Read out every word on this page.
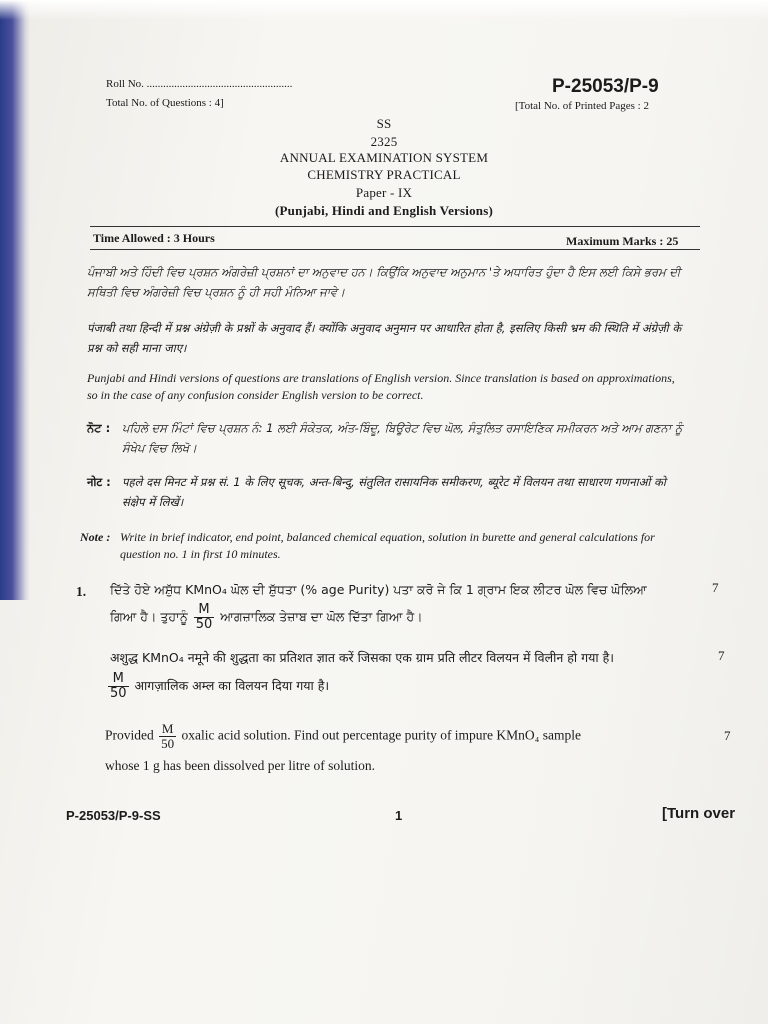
Roll No. .....................................................
Total No. of Questions : 4]
P-25053/P-9
[Total No. of Printed Pages : 2
SS
2325
ANNUAL EXAMINATION SYSTEM
CHEMISTRY PRACTICAL
Paper - IX
(Punjabi, Hindi and English Versions)
Time Allowed : 3 Hours	Maximum Marks : 25
ਪੰਜਾਬੀ ਅਤੇ ਹਿੰਦੀ ਵਿਚ ਪ੍ਰਸ਼ਨ ਅੰਗਰੇਜ਼ੀ ਪ੍ਰਸ਼ਨਾਂ ਦਾ ਅਨੁਵਾਦ ਹਨ। ਕਿਉਂਕਿ ਅਨੁਵਾਦ ਅਨੁਮਾਨ 'ਤੇ ਅਧਾਰਿਤ ਹੁੰਦਾ ਹੈ ਇਸ ਲਈ ਕਿਸੇ ਭਰਮ ਦੀ ਸਥਿਤੀ ਵਿਚ ਅੰਗਰੇਜ਼ੀ ਵਿਚ ਪ੍ਰਸ਼ਨ ਨੂੰ ਹੀ ਸਹੀ ਮੰਨਿਆ ਜਾਵੇ।
पंजाबी तथा हिन्दी में प्रश्न अंग्रेज़ी के प्रश्नों के अनुवाद हैं। क्योंकि अनुवाद अनुमान पर आधारित होता है, इसलिए किसी भ्रम की स्थिति में अंग्रेज़ी के प्रश्न को सही माना जाए।
Punjabi and Hindi versions of questions are translations of English version. Since translation is based on approximations, so in the case of any confusion consider English version to be correct.
ਨੋਟ : ਪਹਿਲੇ ਦਸ ਮਿੰਟਾਂ ਵਿਚ ਪ੍ਰਸ਼ਨ ਨੰ: 1 ਲਈ ਸੰਕੇਤਕ, ਅੰਤ-ਬਿੰਦੂ, ਬਿਊਰੇਟ ਵਿਚ ਘੋਲ, ਸੰਤੁਲਿਤ ਰਸਾਇਣਿਕ ਸਮੀਕਰਨ ਅਤੇ ਆਮ ਗਣਨਾ ਨੂੰ ਸੰਖੇਪ ਵਿਚ ਲਿਖੋ।
नोट : पहले दस मिनट में प्रश्न सं. 1 के लिए सूचक, अन्त-बिन्दु, संतुलित रासायनिक समीकरण, ब्यूरेट में विलयन तथा साधारण गणनाओं को संक्षेप में लिखें।
Note : Write in brief indicator, end point, balanced chemical equation, solution in burette and general calculations for question no. 1 in first 10 minutes.
1. ਦਿੱਤੇ ਹੋਏ ਅਸ਼ੁੱਧ KMnO₄ ਘੋਲ ਦੀ ਸ਼ੁੱਧਤਾ (% age Purity) ਪਤਾ ਕਰੋ ਜੇ ਕਿ 1 ਗ੍ਰਾਮ ਇਕ ਲੀਟਰ ਘੋਲ ਵਿਚ ਘੋਲਿਆ	7
ਗਿਆ ਹੈ। ਤੁਹਾਨੂੰ $\frac{M}{50}$ ਆਗਜ਼ਾਲਿਕ ਤੇਜ਼ਾਬ ਦਾ ਘੋਲ ਦਿੱਤਾ ਗਿਆ ਹੈ।
अशुद्ध KMnO₄ नमूने की शुद्धता का प्रतिशत ज्ञात करें जिसका एक ग्राम प्रति लीटर विलयन में विलीन हो गया है।	7
$\frac{M}{50}$ आगज़ालिक अम्ल का विलयन दिया गया है।
Provided $\frac{M}{50}$ oxalic acid solution. Find out percentage purity of impure KMnO₄ sample	7
whose 1 g has been dissolved per litre of solution.
P-25053/P-9-SS	1	[Turn over
